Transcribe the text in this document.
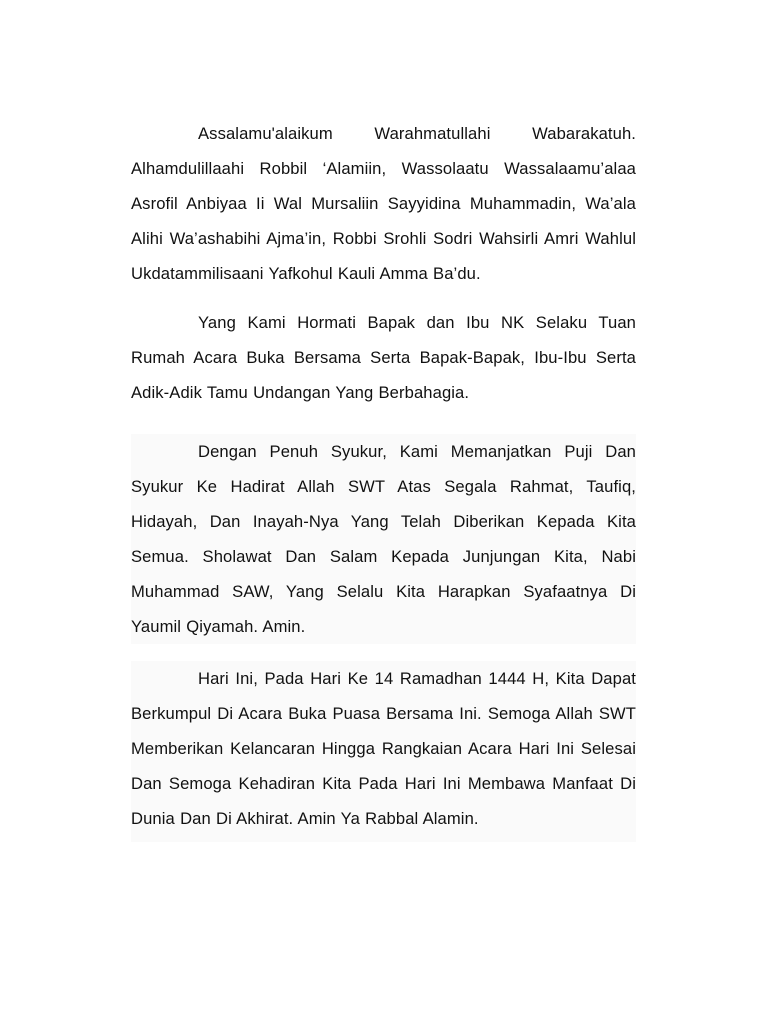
Assalamu'alaikum Warahmatullahi Wabarakatuh. Alhamdulillaahi Robbil ‘Alamiin, Wassolaatu Wassalaamu’alaa Asrofil Anbiyaa Ii Wal Mursaliin Sayyidina Muhammadin, Wa’ala Alihi Wa’ashabihi Ajma’in, Robbi Srohli Sodri Wahsirli Amri Wahlul Ukdatammilisaani Yafkohul Kauli Amma Ba’du.

Yang Kami Hormati Bapak dan Ibu NK Selaku Tuan Rumah Acara Buka Bersama Serta Bapak-Bapak, Ibu-Ibu Serta Adik-Adik Tamu Undangan Yang Berbahagia.

Dengan Penuh Syukur, Kami Memanjatkan Puji Dan Syukur Ke Hadirat Allah SWT Atas Segala Rahmat, Taufiq, Hidayah, Dan Inayah-Nya Yang Telah Diberikan Kepada Kita Semua. Sholawat Dan Salam Kepada Junjungan Kita, Nabi Muhammad SAW, Yang Selalu Kita Harapkan Syafaatnya Di Yaumil Qiyamah. Amin.

Hari Ini, Pada Hari Ke 14 Ramadhan 1444 H, Kita Dapat Berkumpul Di Acara Buka Puasa Bersama Ini. Semoga Allah SWT Memberikan Kelancaran Hingga Rangkaian Acara Hari Ini Selesai Dan Semoga Kehadiran Kita Pada Hari Ini Membawa Manfaat Di Dunia Dan Di Akhirat. Amin Ya Rabbal Alamin.
